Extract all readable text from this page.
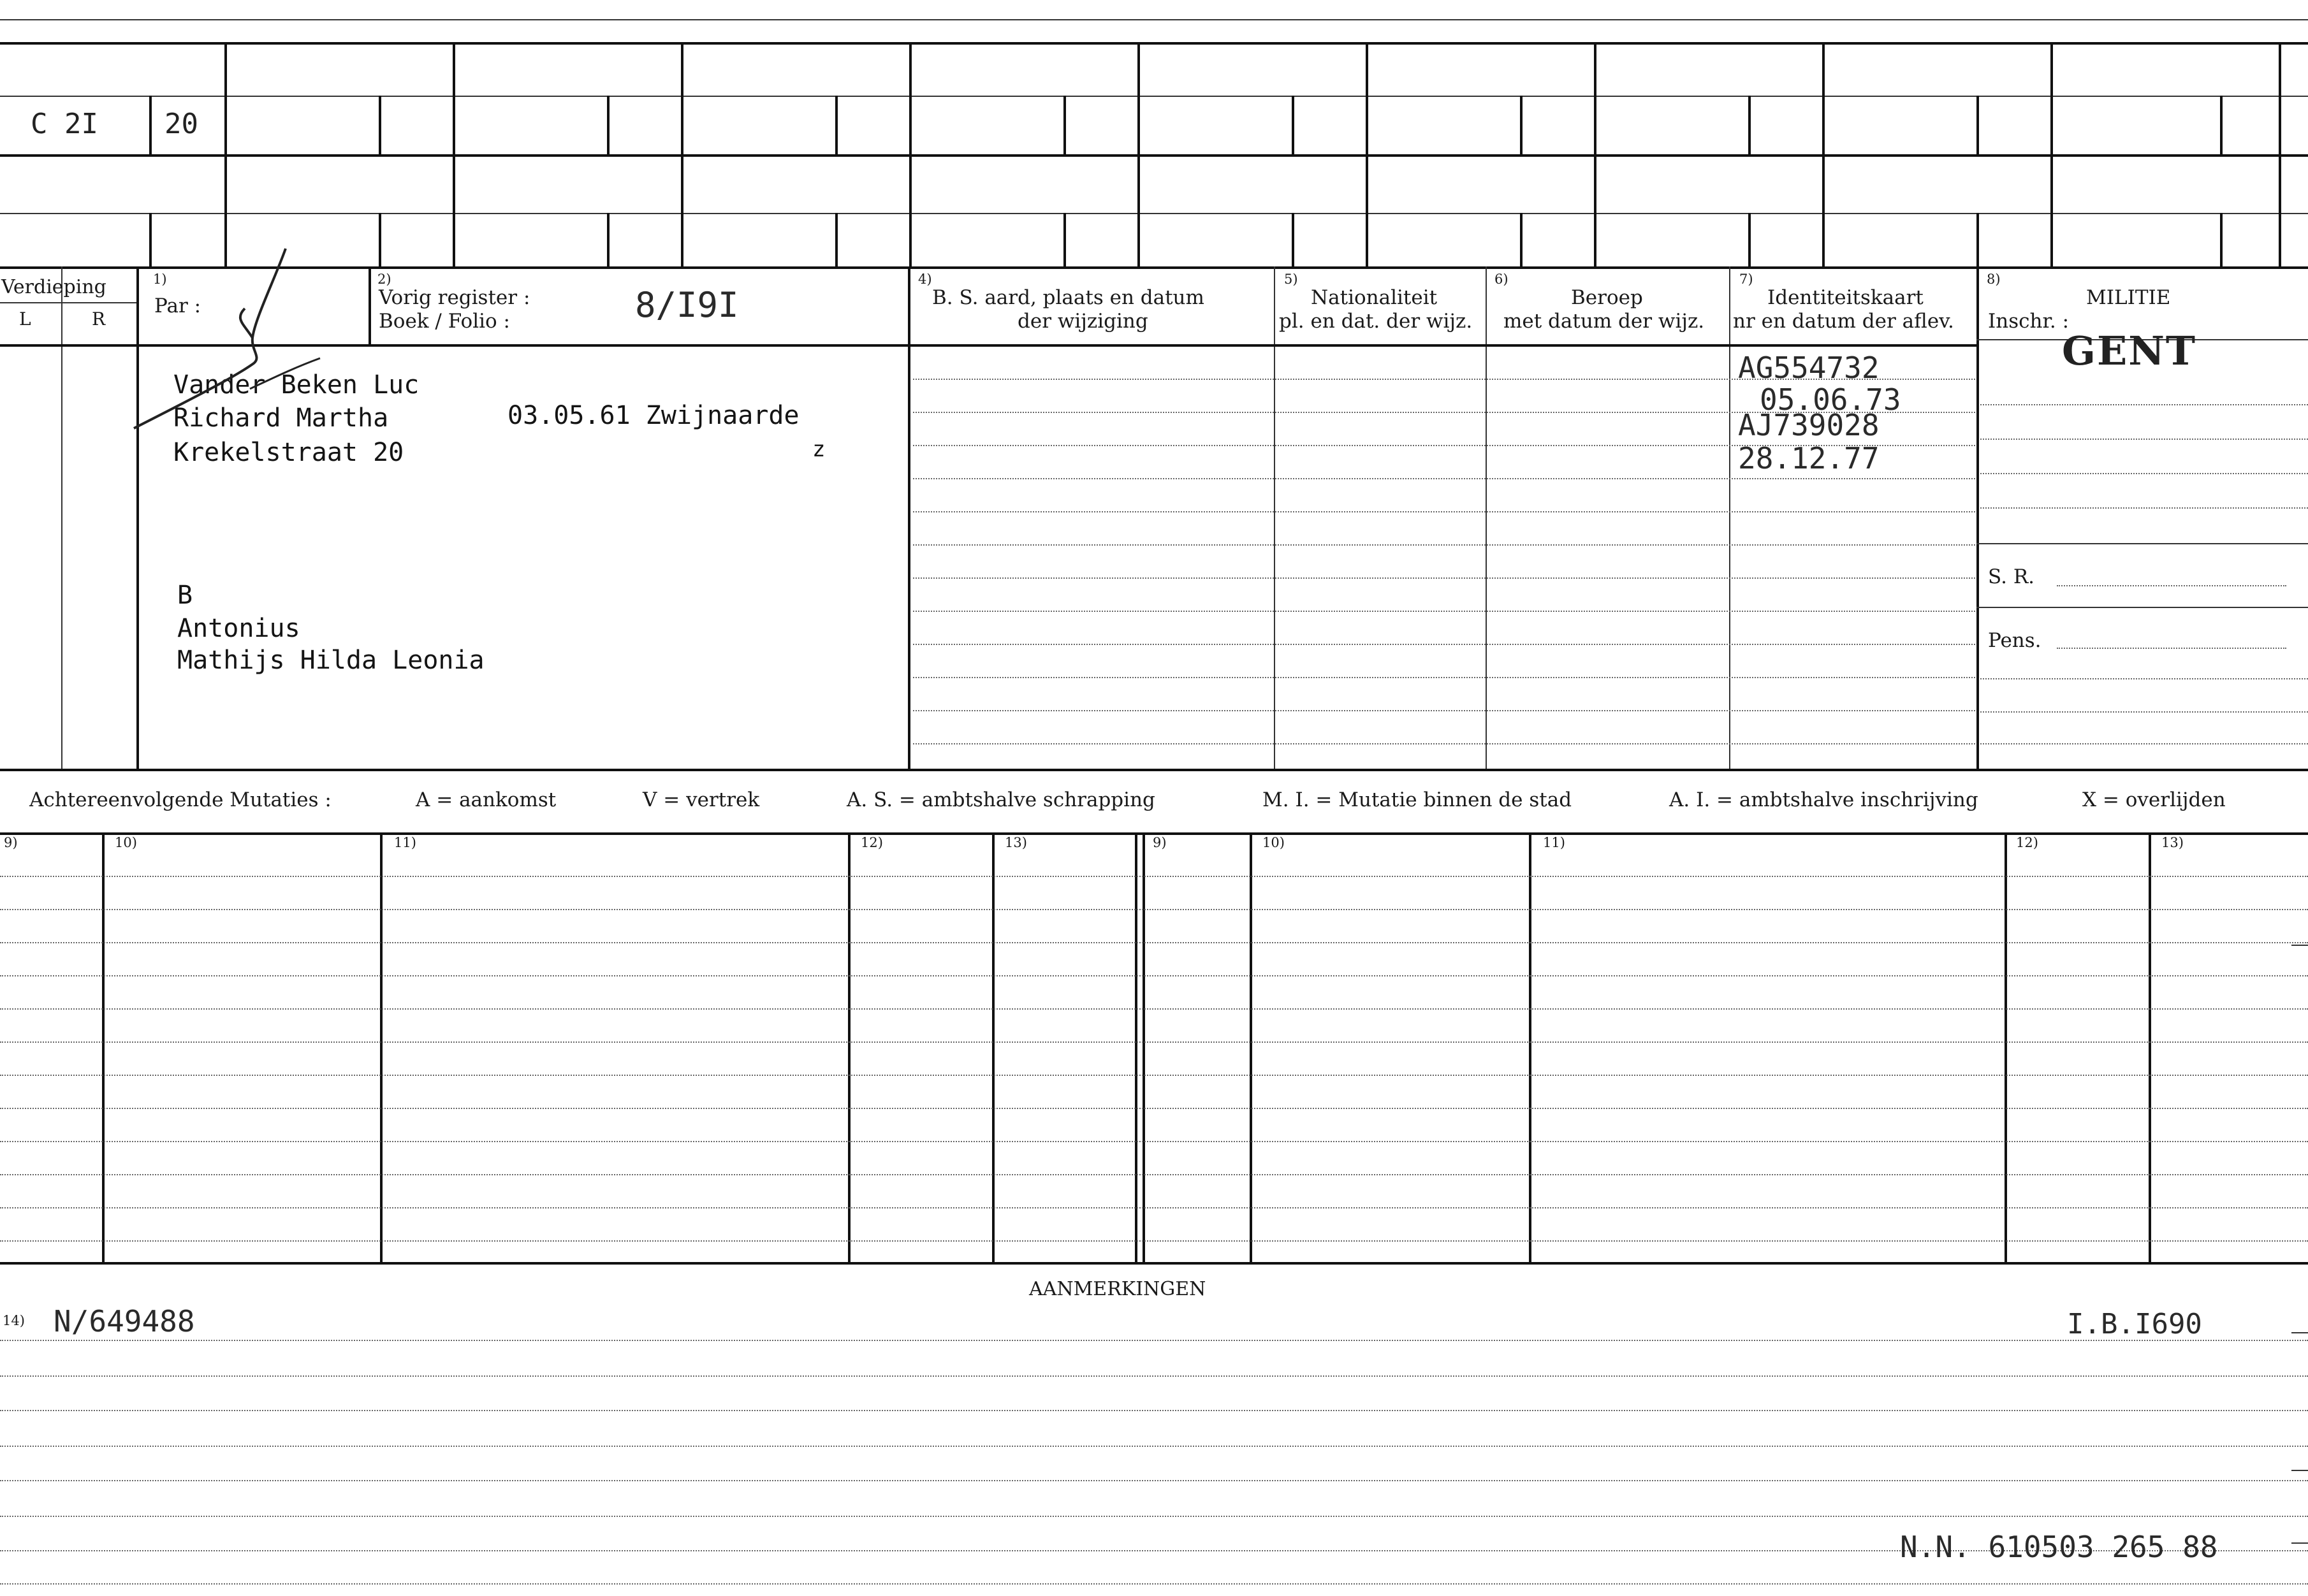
C 2I 20
Verdieping
L	R
1)
Par :
2)
Vorig register :
Boek / Folio :	8/I9I
4)
B. S. aard, plaats en datum
der wijziging
5)
Nationaliteit
pl. en dat. der wijz.
6)
Beroep
met datum der wijz.
7)
Identiteitskaart
nr en datum der aflev.
8)
MILITIE
Inschr. :
GENT
S. R.
Pens.
Vander Beken Luc
Richard Martha	03.05.61 Zwijnaarde
Krekelstraat 20	z
B
Antonius
Mathijs Hilda Leonia
AG554732
05.06.73
AJ739028
28.12.77
Achtereenvolgende Mutaties :	A = aankomst	V = vertrek	A. S. = ambtshalve schrapping	M. I. = Mutatie binnen de stad	A. I. = ambtshalve inschrijving	X = overlijden
9)	10)	11)	12)	13)	9)	10)	11)	12)	13)
AANMERKINGEN
14) N/649488	I.B.I690
N.N. 610503 265 88
